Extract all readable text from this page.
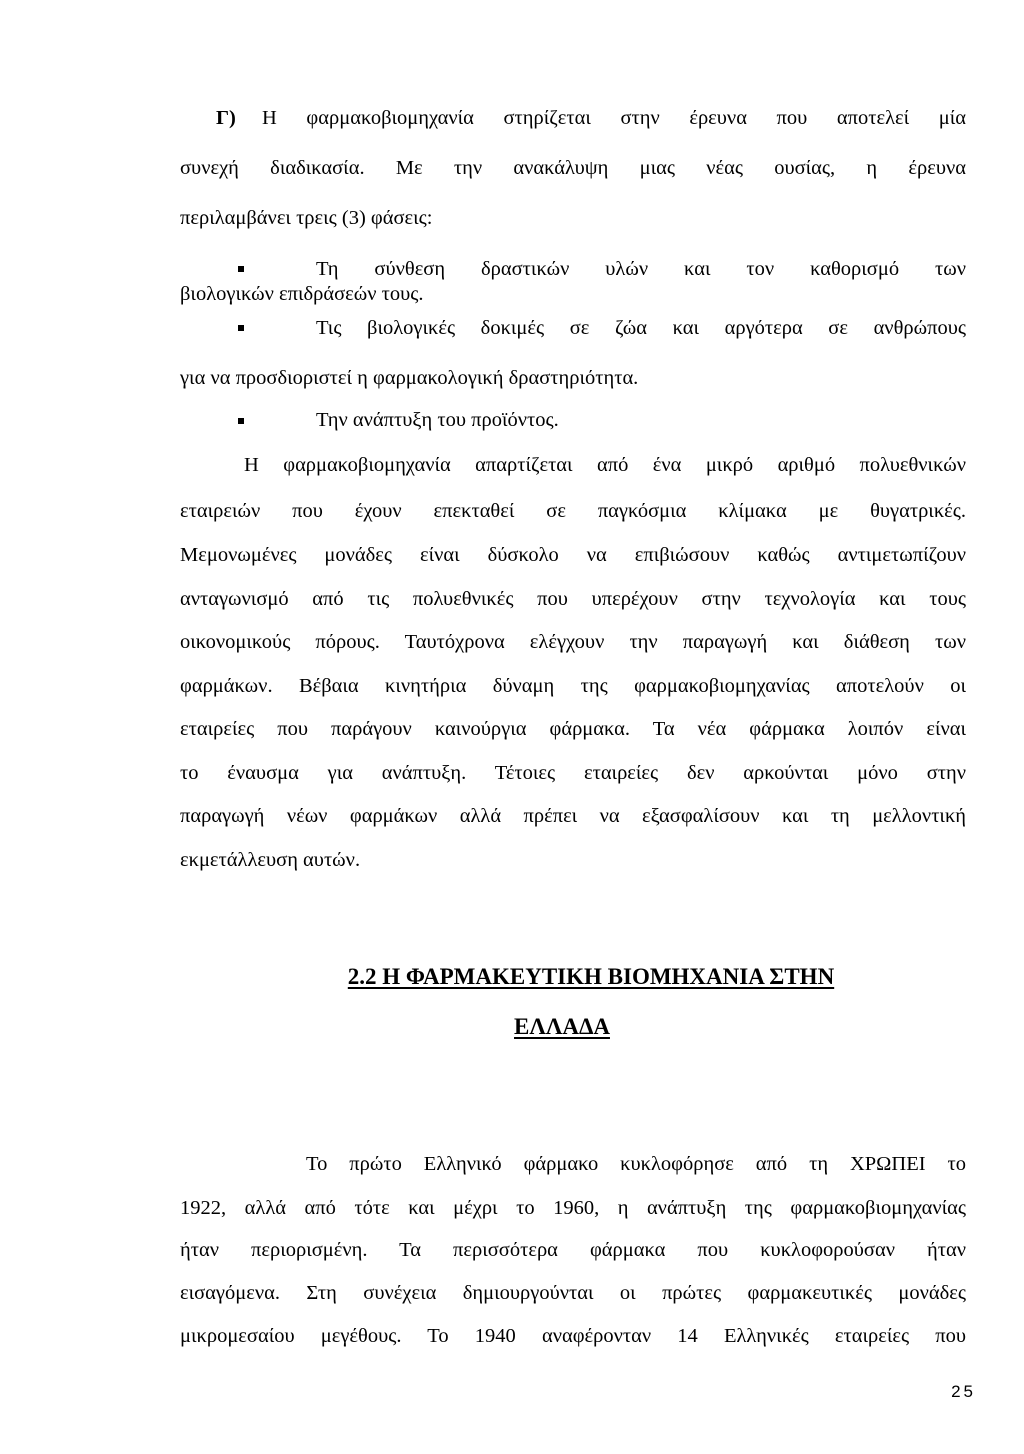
Γ) Η φαρμακοβιομηχανία στηρίζεται στην έρευνα που αποτελεί μία
συνεχή διαδικασία. Με την ανακάλυψη μιας νέας ουσίας, η έρευνα
περιλαμβάνει τρεις (3) φάσεις:
Τη σύνθεση δραστικών υλών και τον καθορισμό των
βιολογικών επιδράσεών τους.
Τις βιολογικές δοκιμές σε ζώα και αργότερα σε ανθρώπους
για να προσδιοριστεί η φαρμακολογική δραστηριότητα.
Την ανάπτυξη του προϊόντος.
Η φαρμακοβιομηχανία απαρτίζεται από ένα μικρό αριθμό πολυεθνικών
εταιρειών που έχουν επεκταθεί σε παγκόσμια κλίμακα με θυγατρικές.
Μεμονωμένες μονάδες είναι δύσκολο να επιβιώσουν καθώς αντιμετωπίζουν
ανταγωνισμό από τις πολυεθνικές που υπερέχουν στην τεχνολογία και τους
οικονομικούς πόρους. Ταυτόχρονα ελέγχουν την παραγωγή και διάθεση των
φαρμάκων. Βέβαια κινητήρια δύναμη της φαρμακοβιομηχανίας αποτελούν οι
εταιρείες που παράγουν καινούργια φάρμακα. Τα νέα φάρμακα λοιπόν είναι
το έναυσμα για ανάπτυξη. Τέτοιες εταιρείες δεν αρκούνται μόνο στην
παραγωγή νέων φαρμάκων αλλά πρέπει να εξασφαλίσουν και τη μελλοντική
εκμετάλλευση αυτών.
2.2 Η ΦΑΡΜΑΚΕΥΤΙΚΗ ΒΙΟΜΗΧΑΝΙΑ ΣΤΗΝ
ΕΛΛΑΔΑ
Το πρώτο Ελληνικό φάρμακο κυκλοφόρησε από τη ΧΡΩΠΕΙ το
1922, αλλά από τότε και μέχρι το 1960, η ανάπτυξη της φαρμακοβιομηχανίας
ήταν περιορισμένη. Τα περισσότερα φάρμακα που κυκλοφορούσαν ήταν
εισαγόμενα. Στη συνέχεια δημιουργούνται οι πρώτες φαρμακευτικές μονάδες
μικρομεσαίου μεγέθους. Το 1940 αναφέρονταν 14 Ελληνικές εταιρείες που
25
